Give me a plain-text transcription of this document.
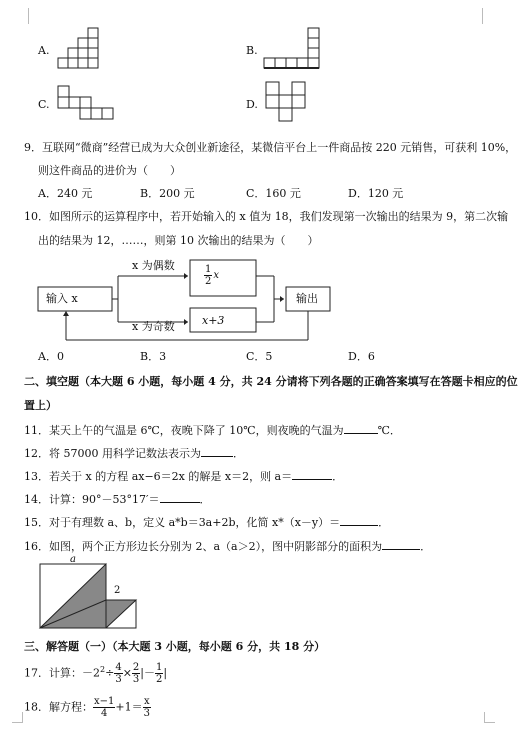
A.	B.
C.	D.
9．互联网“微商”经营已成为大众创业新途径，某微信平台上一件商品按 220 元销售，可获利 10%，
则这件商品的进价为（　　）
A．240 元	B．200 元	C．160 元	D．120 元
10．如图所示的运算程序中，若开始输入的 x 值为 18，我们发现第一次输出的结果为 9，第二次输
出的结果为 12，……，则第 10 次输出的结果为（　　）
输入 x
x 为偶数
x 为奇数
$\frac{1}{2}$ x
x+3
输出
A．0	B．3	C．5	D．6
二、填空题（本大题 6 小题，每小题 4 分，共 24 分请将下列各题的正确答案填写在答题卡相应的位
置上）
11．某天上午的气温是 6℃，夜晚下降了 10℃，则夜晚的气温为	℃．
12．将 57000 用科学记数法表示为	．
13．若关于 x 的方程 ax−6＝2x 的解是 x＝2，则 a＝	．
14．计算：90°－53°17′＝	．
15．对于有理数 a、b，定义 a*b＝3a+2b，化简 x*（x－y）＝	．
16．如图，两个正方形边长分别为 2、a（a＞2），图中阴影部分的面积为	．
a
2
三、解答题（一）（本大题 3 小题，每小题 6 分，共 18 分）
17．计算：$-2^2\div \frac{4}{3} \times \frac{2}{3}$ |－ $\frac{1}{2}$ |
18．解方程： $\frac{x-1}{4} +1= \frac{x}{3}$
